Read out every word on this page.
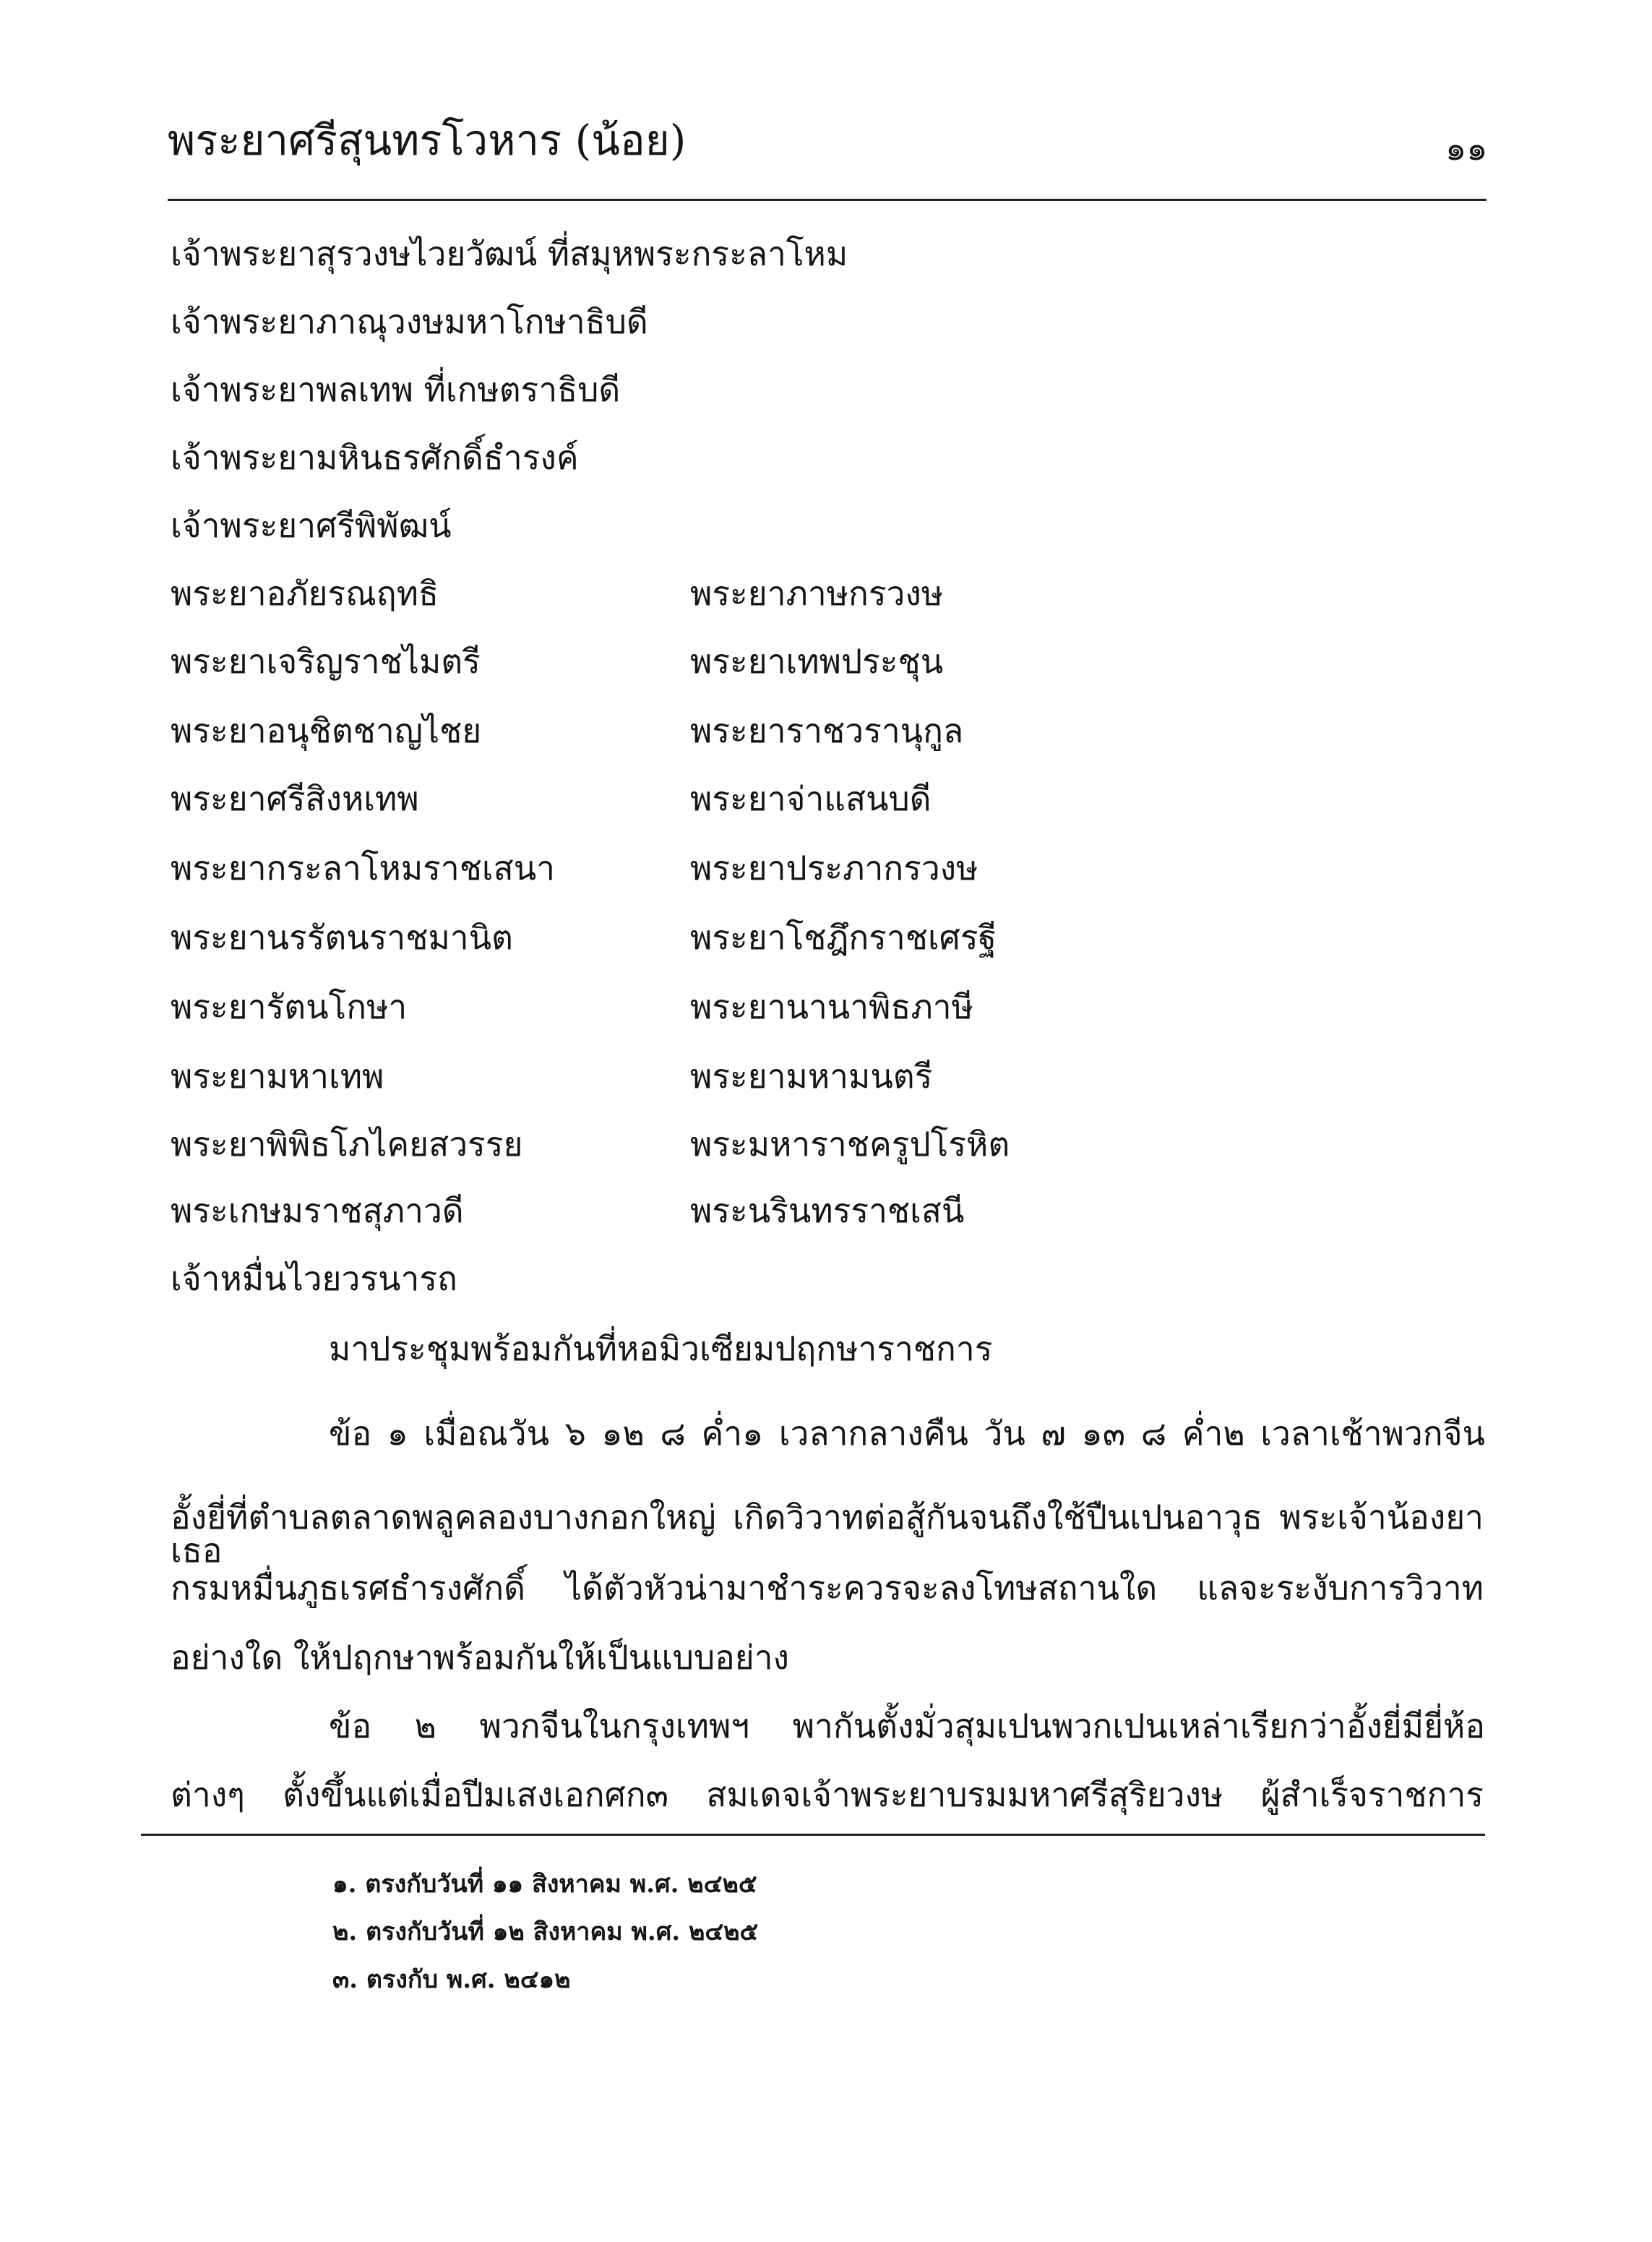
พระยาศรีสุนทรโวหาร (น้อย)	๑๑
เจ้าพระยาสุรวงษไวยวัฒน์ ที่สมุหพระกระลาโหม
เจ้าพระยาภาณุวงษมหาโกษาธิบดี
เจ้าพระยาพลเทพ ที่เกษตราธิบดี
เจ้าพระยามหินธรศักดิ์ธำรงค์
เจ้าพระยาศรีพิพัฒน์
พระยาอภัยรณฤทธิ	พระยาภาษกรวงษ
พระยาเจริญราชไมตรี	พระยาเทพประชุน
พระยาอนุชิตชาญไชย	พระยาราชวรานุกูล
พระยาศรีสิงหเทพ	พระยาจ่าแสนบดี
พระยากระลาโหมราชเสนา	พระยาประภากรวงษ
พระยานรรัตนราชมานิต	พระยาโชฎึกราชเศรฐี
พระยารัตนโกษา	พระยานานาพิธภาษี
พระยามหาเทพ	พระยามหามนตรี
พระยาพิพิธโภไคยสวรรย	พระมหาราชครูปโรหิต
พระเกษมราชสุภาวดี	พระนรินทรราชเสนี
เจ้าหมื่นไวยวรนารถ
มาประชุมพร้อมกันที่หอมิวเซียมปฤกษาราชการ
ข้อ ๑ เมื่อณวัน ๖ ๑๒ ๘ ค่ำ๑ เวลากลางคืน วัน ๗ ๑๓ ๘ ค่ำ๒ เวลาเช้าพวกจีน
อั้งยี่ที่ตำบลตลาดพลูคลองบางกอกใหญ่ เกิดวิวาทต่อสู้กันจนถึงใช้ปืนเปนอาวุธ พระเจ้าน้องยาเธอ
กรมหมื่นภูธเรศธำรงศักดิ์ ได้ตัวหัวน่ามาชำระควรจะลงโทษสถานใด แลจะระงับการวิวาท
อย่างใด ให้ปฤกษาพร้อมกันให้เป็นแบบอย่าง
ข้อ ๒ พวกจีนในกรุงเทพฯ พากันตั้งมั่วสุมเปนพวกเปนเหล่าเรียกว่าอั้งยี่มียี่ห้อ
ต่างๆ ตั้งขึ้นแต่เมื่อปีมเสงเอกศก๓ สมเดจเจ้าพระยาบรมมหาศรีสุริยวงษ ผู้สำเร็จราชการ
๑. ตรงกับวันที่ ๑๑ สิงหาคม พ.ศ. ๒๔๒๕
๒. ตรงกับวันที่ ๑๒ สิงหาคม พ.ศ. ๒๔๒๕
๓. ตรงกับ พ.ศ. ๒๔๑๒
